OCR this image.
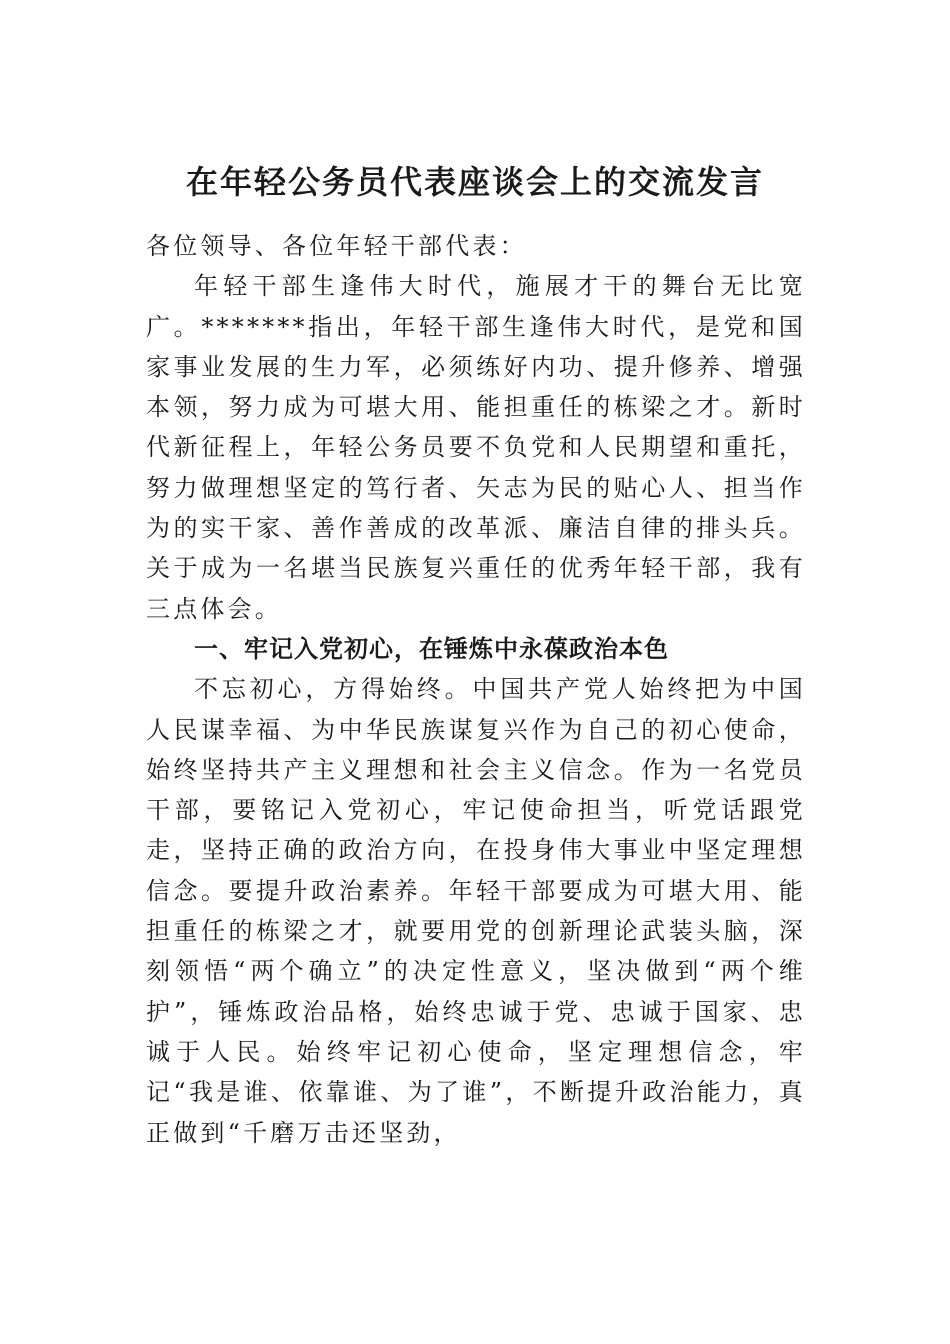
在年轻公务员代表座谈会上的交流发言

各位领导、各位年轻干部代表：

年轻干部生逢伟大时代，施展才干的舞台无比宽广。*******指出，年轻干部生逢伟大时代，是党和国家事业发展的生力军，必须练好内功、提升修养、增强本领，努力成为可堪大用、能担重任的栋梁之才。新时代新征程上，年轻公务员要不负党和人民期望和重托，努力做理想坚定的笃行者、矢志为民的贴心人、担当作为的实干家、善作善成的改革派、廉洁自律的排头兵。关于成为一名堪当民族复兴重任的优秀年轻干部，我有三点体会。

一、牢记入党初心，在锤炼中永葆政治本色

不忘初心，方得始终。中国共产党人始终把为中国人民谋幸福、为中华民族谋复兴作为自己的初心使命，始终坚持共产主义理想和社会主义信念。作为一名党员干部，要铭记入党初心，牢记使命担当，听党话跟党走，坚持正确的政治方向，在投身伟大事业中坚定理想信念。要提升政治素养。年轻干部要成为可堪大用、能担重任的栋梁之才，就要用党的创新理论武装头脑，深刻领悟“两个确立”的决定性意义，坚决做到“两个维护”，锤炼政治品格，始终忠诚于党、忠诚于国家、忠诚于人民。始终牢记初心使命，坚定理想信念，牢记“我是谁、依靠谁、为了谁”，不断提升政治能力，真正做到“千磨万击还坚劲，
